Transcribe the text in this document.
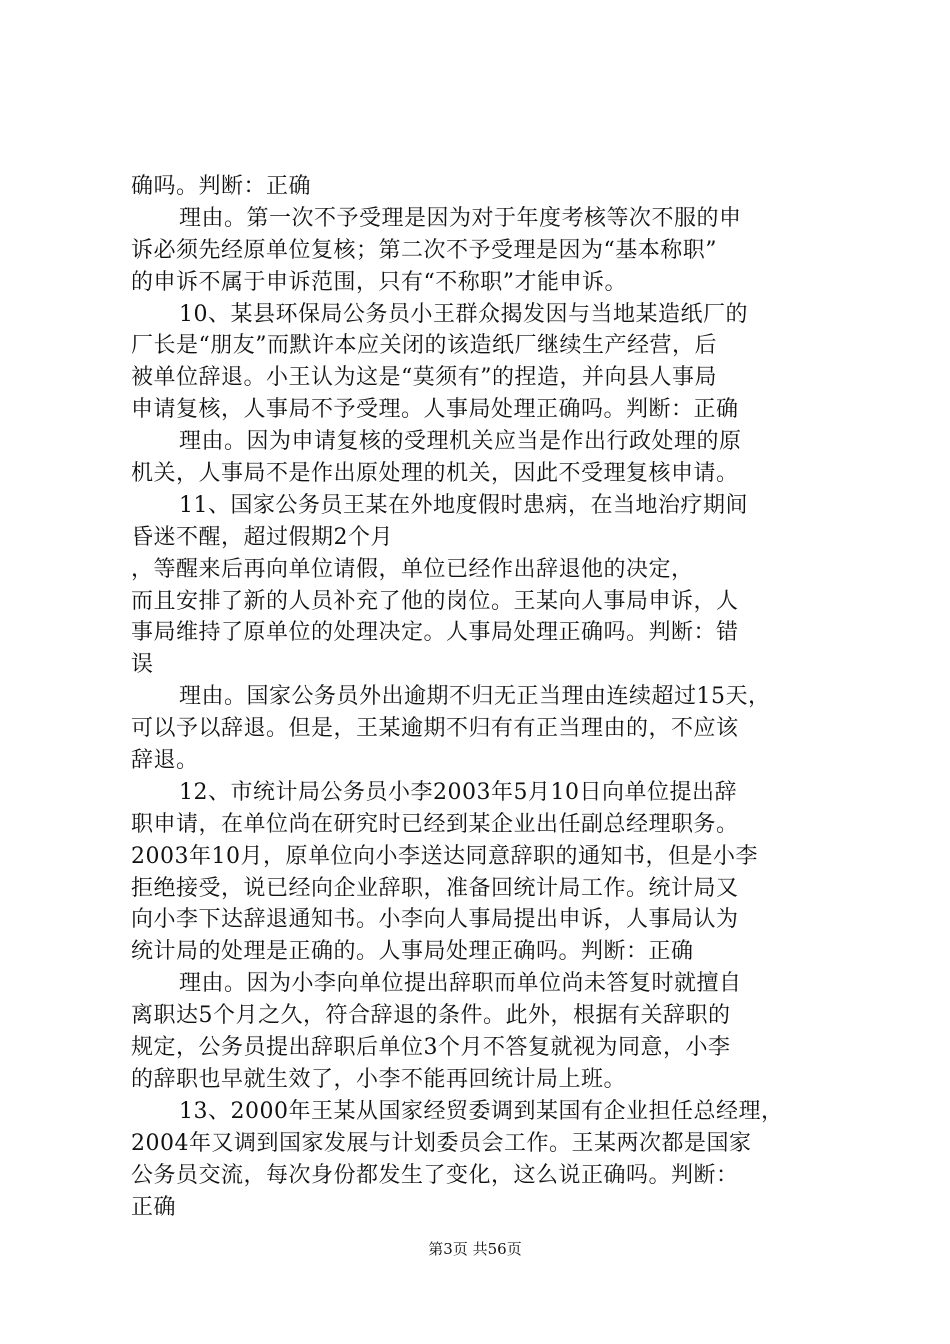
确吗。判断：正确
理由。第一次不予受理是因为对于年度考核等次不服的申
诉必须先经原单位复核；第二次不予受理是因为“基本称职”
的申诉不属于申诉范围，只有“不称职”才能申诉。
10、某县环保局公务员小王群众揭发因与当地某造纸厂的
厂长是“朋友”而默许本应关闭的该造纸厂继续生产经营，后
被单位辞退。小王认为这是“莫须有”的捏造，并向县人事局
申请复核，人事局不予受理。人事局处理正确吗。判断：正确
理由。因为申请复核的受理机关应当是作出行政处理的原
机关，人事局不是作出原处理的机关，因此不受理复核申请。
11、国家公务员王某在外地度假时患病，在当地治疗期间
昏迷不醒，超过假期2个月
，等醒来后再向单位请假，单位已经作出辞退他的决定，
而且安排了新的人员补充了他的岗位。王某向人事局申诉，人
事局维持了原单位的处理决定。人事局处理正确吗。判断：错
误
理由。国家公务员外出逾期不归无正当理由连续超过15天，
可以予以辞退。但是，王某逾期不归有有正当理由的，不应该
辞退。
12、市统计局公务员小李2003年5月10日向单位提出辞
职申请，在单位尚在研究时已经到某企业出任副总经理职务。
2003年10月，原单位向小李送达同意辞职的通知书，但是小李
拒绝接受，说已经向企业辞职，准备回统计局工作。统计局又
向小李下达辞退通知书。小李向人事局提出申诉，人事局认为
统计局的处理是正确的。人事局处理正确吗。判断：正确
理由。因为小李向单位提出辞职而单位尚未答复时就擅自
离职达5个月之久，符合辞退的条件。此外，根据有关辞职的
规定，公务员提出辞职后单位3个月不答复就视为同意，小李
的辞职也早就生效了，小李不能再回统计局上班。
13、2000年王某从国家经贸委调到某国有企业担任总经理，
2004年又调到国家发展与计划委员会工作。王某两次都是国家
公务员交流，每次身份都发生了变化，这么说正确吗。判断：
正确
第3页 共56页
